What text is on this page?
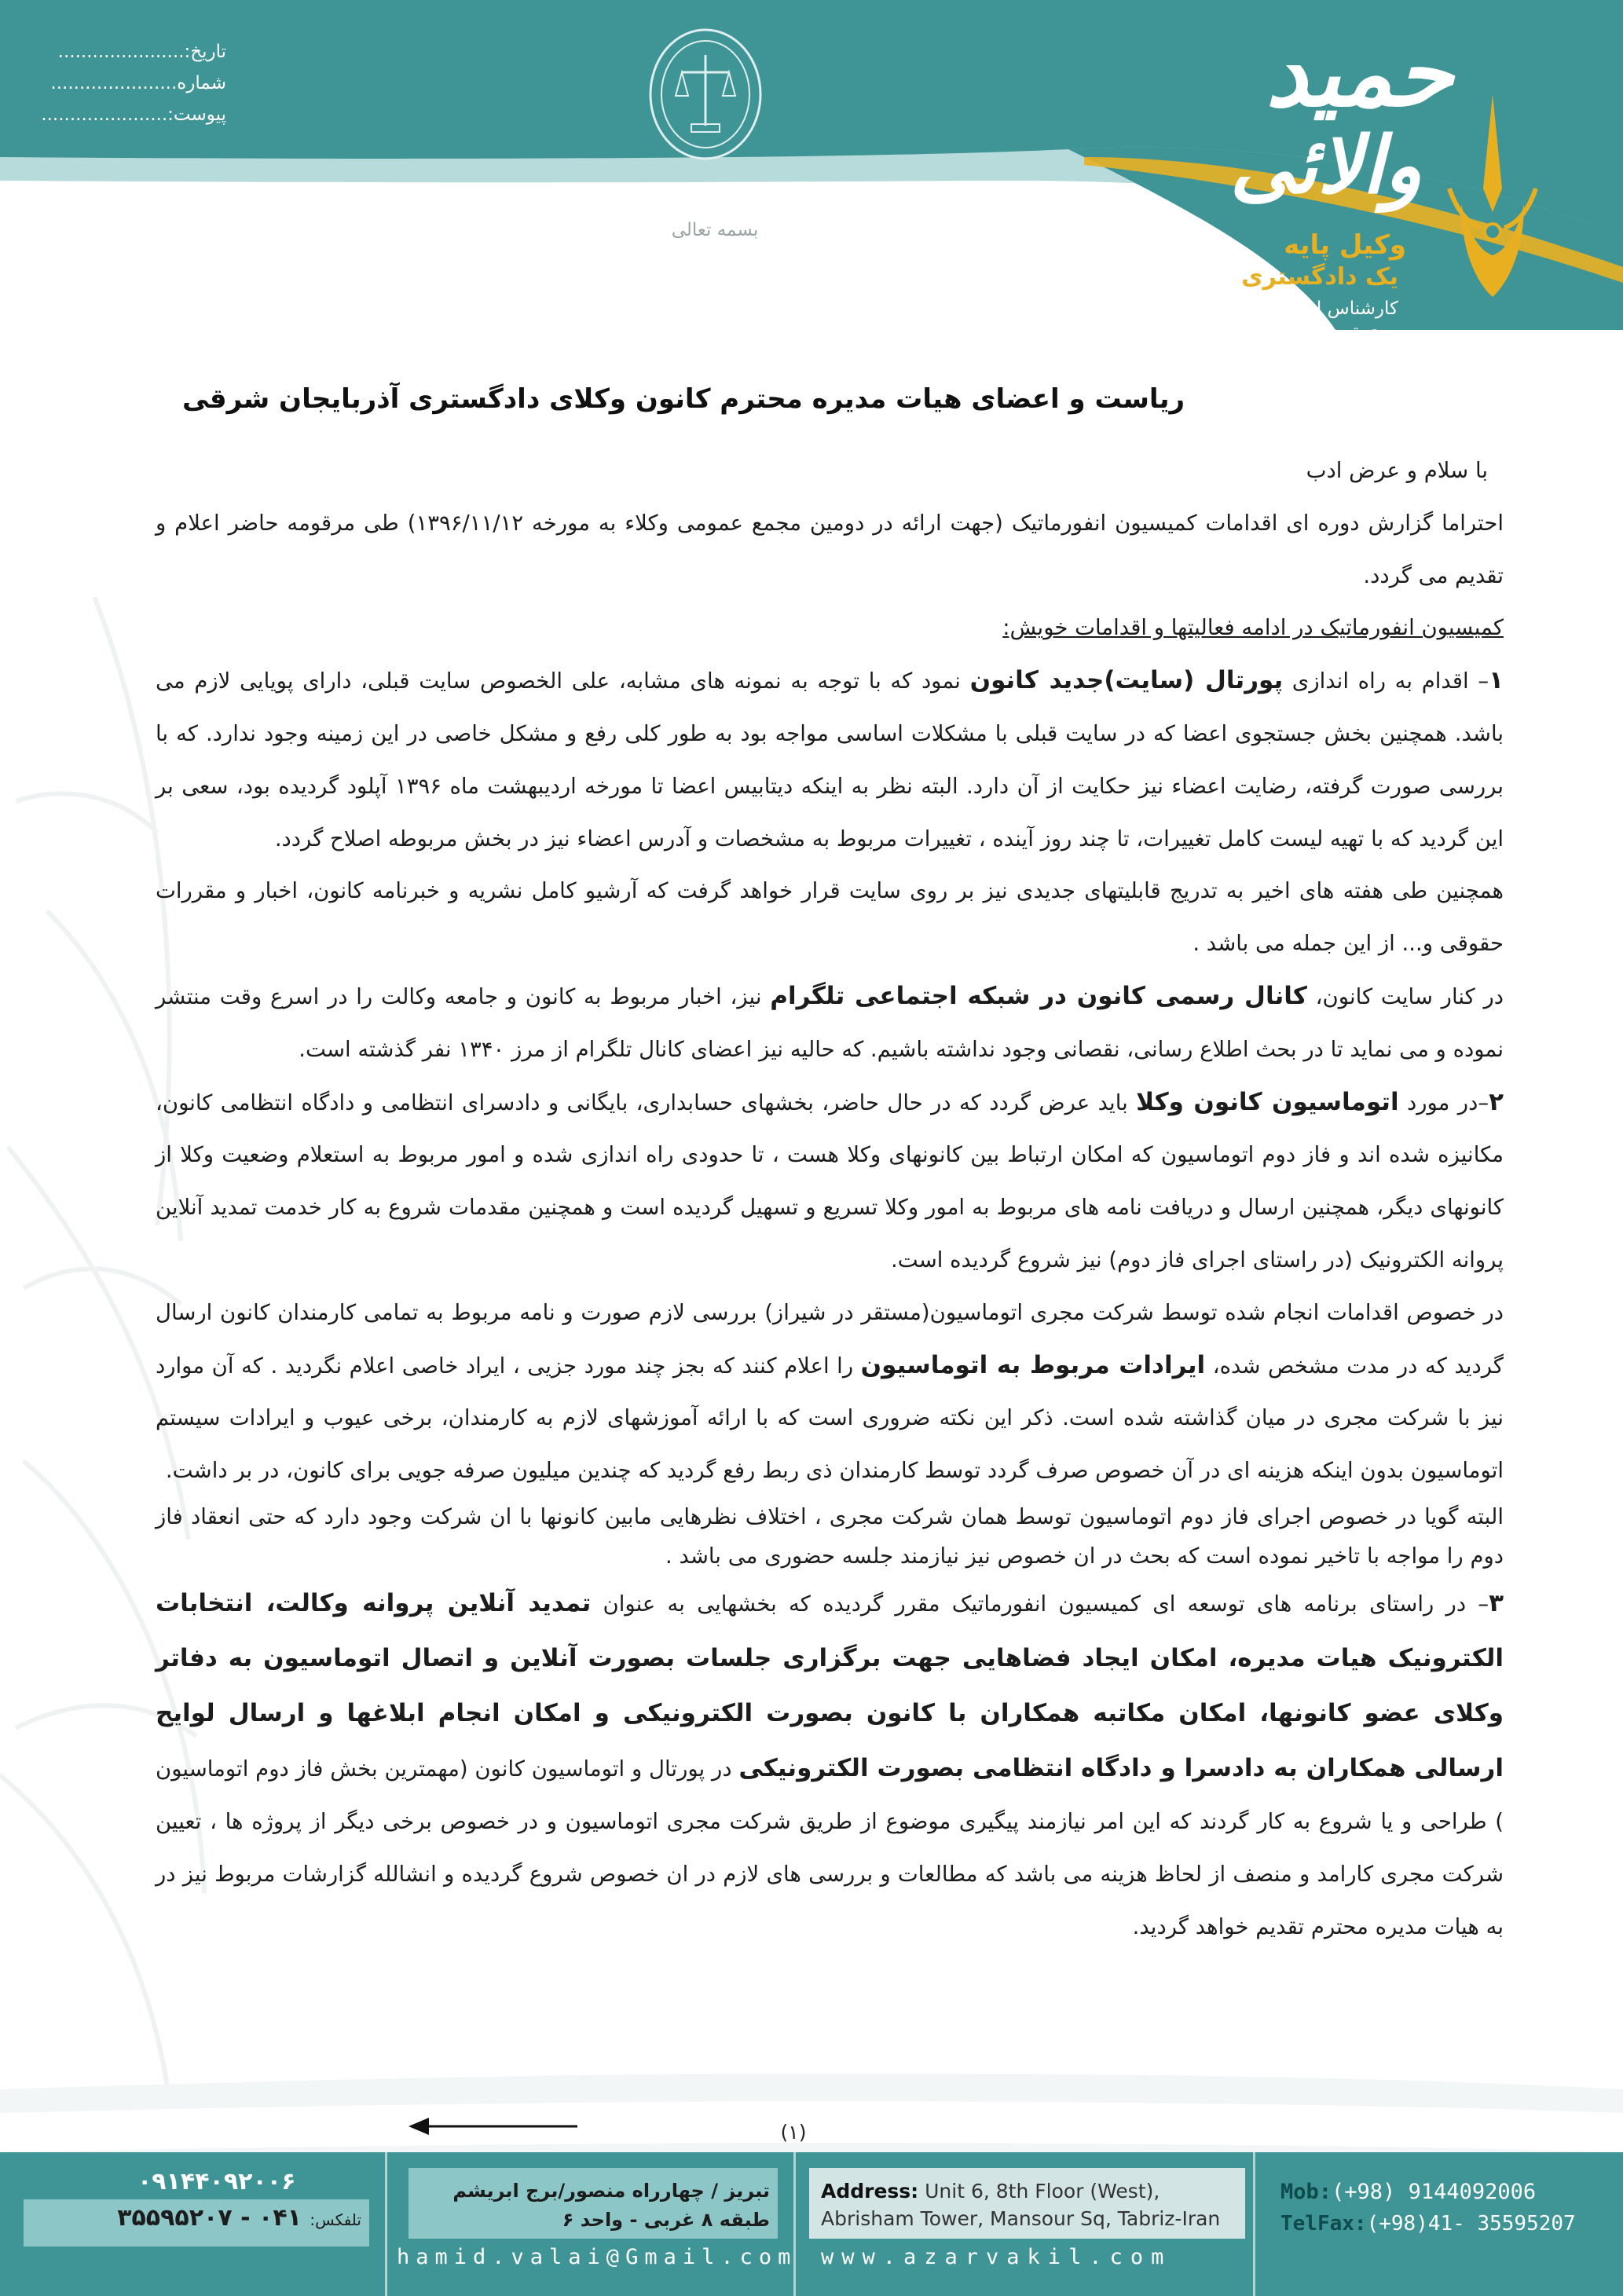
تاریخ:......................
شماره......................
پیوست:......................
بسمه تعالی
حمید
والائی
وکیل پایه
یک دادگستری
کارشناس ارشد
حقوق خصوصی
ریاست و اعضای هیات مدیره محترم کانون وکلای دادگستری آذربایجان شرقی

با سلام و عرض ادب

احتراما گزارش دوره ای اقدامات کمیسیون انفورماتیک (جهت ارائه در دومین مجمع عمومی وکلاء به مورخه ۱۳۹۶/۱۱/۱۲) طی مرقومه حاضر اعلام و تقدیم می گردد.

کمیسیون انفورماتیک در ادامه فعالیتها و اقدامات خویش:

۱– اقدام به راه اندازی پورتال (سایت)جدید کانون نمود که با توجه به نمونه های مشابه، علی الخصوص سایت قبلی، دارای پویایی لازم می باشد. همچنین بخش جستجوی اعضا که در سایت قبلی با مشکلات اساسی مواجه بود به طور کلی رفع و مشکل خاصی در این زمینه وجود ندارد. که با بررسی صورت گرفته، رضایت اعضاء نیز حکایت از آن دارد. البته نظر به اینکه دیتابیس اعضا تا مورخه اردیبهشت ماه ۱۳۹۶ آپلود گردیده بود، سعی بر این گردید که با تهیه لیست کامل تغییرات، تا چند روز آینده ، تغییرات مربوط به مشخصات و آدرس اعضاء نیز در بخش مربوطه اصلاح گردد.

همچنین طی هفته های اخیر به تدریج قابلیتهای جدیدی نیز بر روی سایت قرار خواهد گرفت که آرشیو کامل نشریه و خبرنامه کانون، اخبار و مقررات حقوقی و... از این جمله می باشد .

در کنار سایت کانون، کانال رسمی کانون در شبکه اجتماعی تلگرام نیز، اخبار مربوط به کانون و جامعه وکالت را در اسرع وقت منتشر نموده و می نماید تا در بحث اطلاع رسانی، نقصانی وجود نداشته باشیم. که حالیه نیز اعضای کانال تلگرام از مرز ۱۳۴۰ نفر گذشته است.

۲–در مورد اتوماسیون کانون وکلا باید عرض گردد که در حال حاضر، بخشهای حسابداری، بایگانی و دادسرای انتظامی و دادگاه انتظامی کانون، مکانیزه شده اند و فاز دوم اتوماسیون که امکان ارتباط بین کانونهای وکلا هست ، تا حدودی راه اندازی شده و امور مربوط به استعلام وضعیت وکلا از کانونهای دیگر، همچنین ارسال و دریافت نامه های مربوط به امور وکلا تسریع و تسهیل گردیده است و همچنین مقدمات شروع به کار خدمت تمدید آنلاین پروانه الکترونیک (در راستای اجرای فاز دوم) نیز شروع گردیده است.

در خصوص اقدامات انجام شده توسط شرکت مجری اتوماسیون(مستقر در شیراز) بررسی لازم صورت و نامه مربوط به تمامی کارمندان کانون ارسال گردید که در مدت مشخص شده، ایرادات مربوط به اتوماسیون را اعلام کنند که بجز چند مورد جزیی ، ایراد خاصی اعلام نگردید . که آن موارد نیز با شرکت مجری در میان گذاشته شده است. ذکر این نکته ضروری است که با ارائه آموزشهای لازم به کارمندان، برخی عیوب و ایرادات سیستم اتوماسیون بدون اینکه هزینه ای در آن خصوص صرف گردد توسط کارمندان ذی ربط رفع گردید که چندین میلیون صرفه جویی برای کانون، در بر داشت.

البته گویا در خصوص اجرای فاز دوم اتوماسیون توسط همان شرکت مجری ، اختلاف نظرهایی مابین کانونها با ان شرکت وجود دارد که حتی انعقاد فاز دوم را مواجه با تاخیر نموده است که بحث در ان خصوص نیز نیازمند جلسه حضوری می باشد .

۳– در راستای برنامه های توسعه ای کمیسیون انفورماتیک مقرر گردیده که بخشهایی به عنوان تمدید آنلاین پروانه وکالت، انتخابات الکترونیک هیات مدیره، امکان ایجاد فضاهایی جهت برگزاری جلسات بصورت آنلاین و اتصال اتوماسیون به دفاتر وکلای عضو کانونها، امکان مکاتبه همکاران با کانون بصورت الکترونیکی و امکان انجام ابلاغها و ارسال لوایح ارسالی همکاران به دادسرا و دادگاه انتظامی بصورت الکترونیکی در پورتال و اتوماسیون کانون (مهمترین بخش فاز دوم اتوماسیون ) طراحی و یا شروع به کار گردند که این امر نیازمند پیگیری موضوع از طریق شرکت مجری اتوماسیون و در خصوص برخی دیگر از پروژه ها ، تعیین شرکت مجری کارامد و منصف از لحاظ هزینه می باشد که مطالعات و بررسی های لازم در ان خصوص شروع گردیده و انشالله گزارشات مربوط نیز در به هیات مدیره محترم تقدیم خواهد گردید.

(۱)
Mob:(+98) 9144092006
TelFax:(+98)41- 35595207
Address: Unit 6, 8th Floor (West),
Abrisham Tower, Mansour Sq, Tabriz-Iran
www.azarvakil.com
تبریز / چهارراه منصور/برج ابریشم
طبقه ۸ غربی - واحد ۶
hamid.valai@Gmail.com
۰۹۱۴۴۰۹۲۰۰۶
تلفکس: ۰۴۱ - ۳۵۵۹۵۲۰۷
